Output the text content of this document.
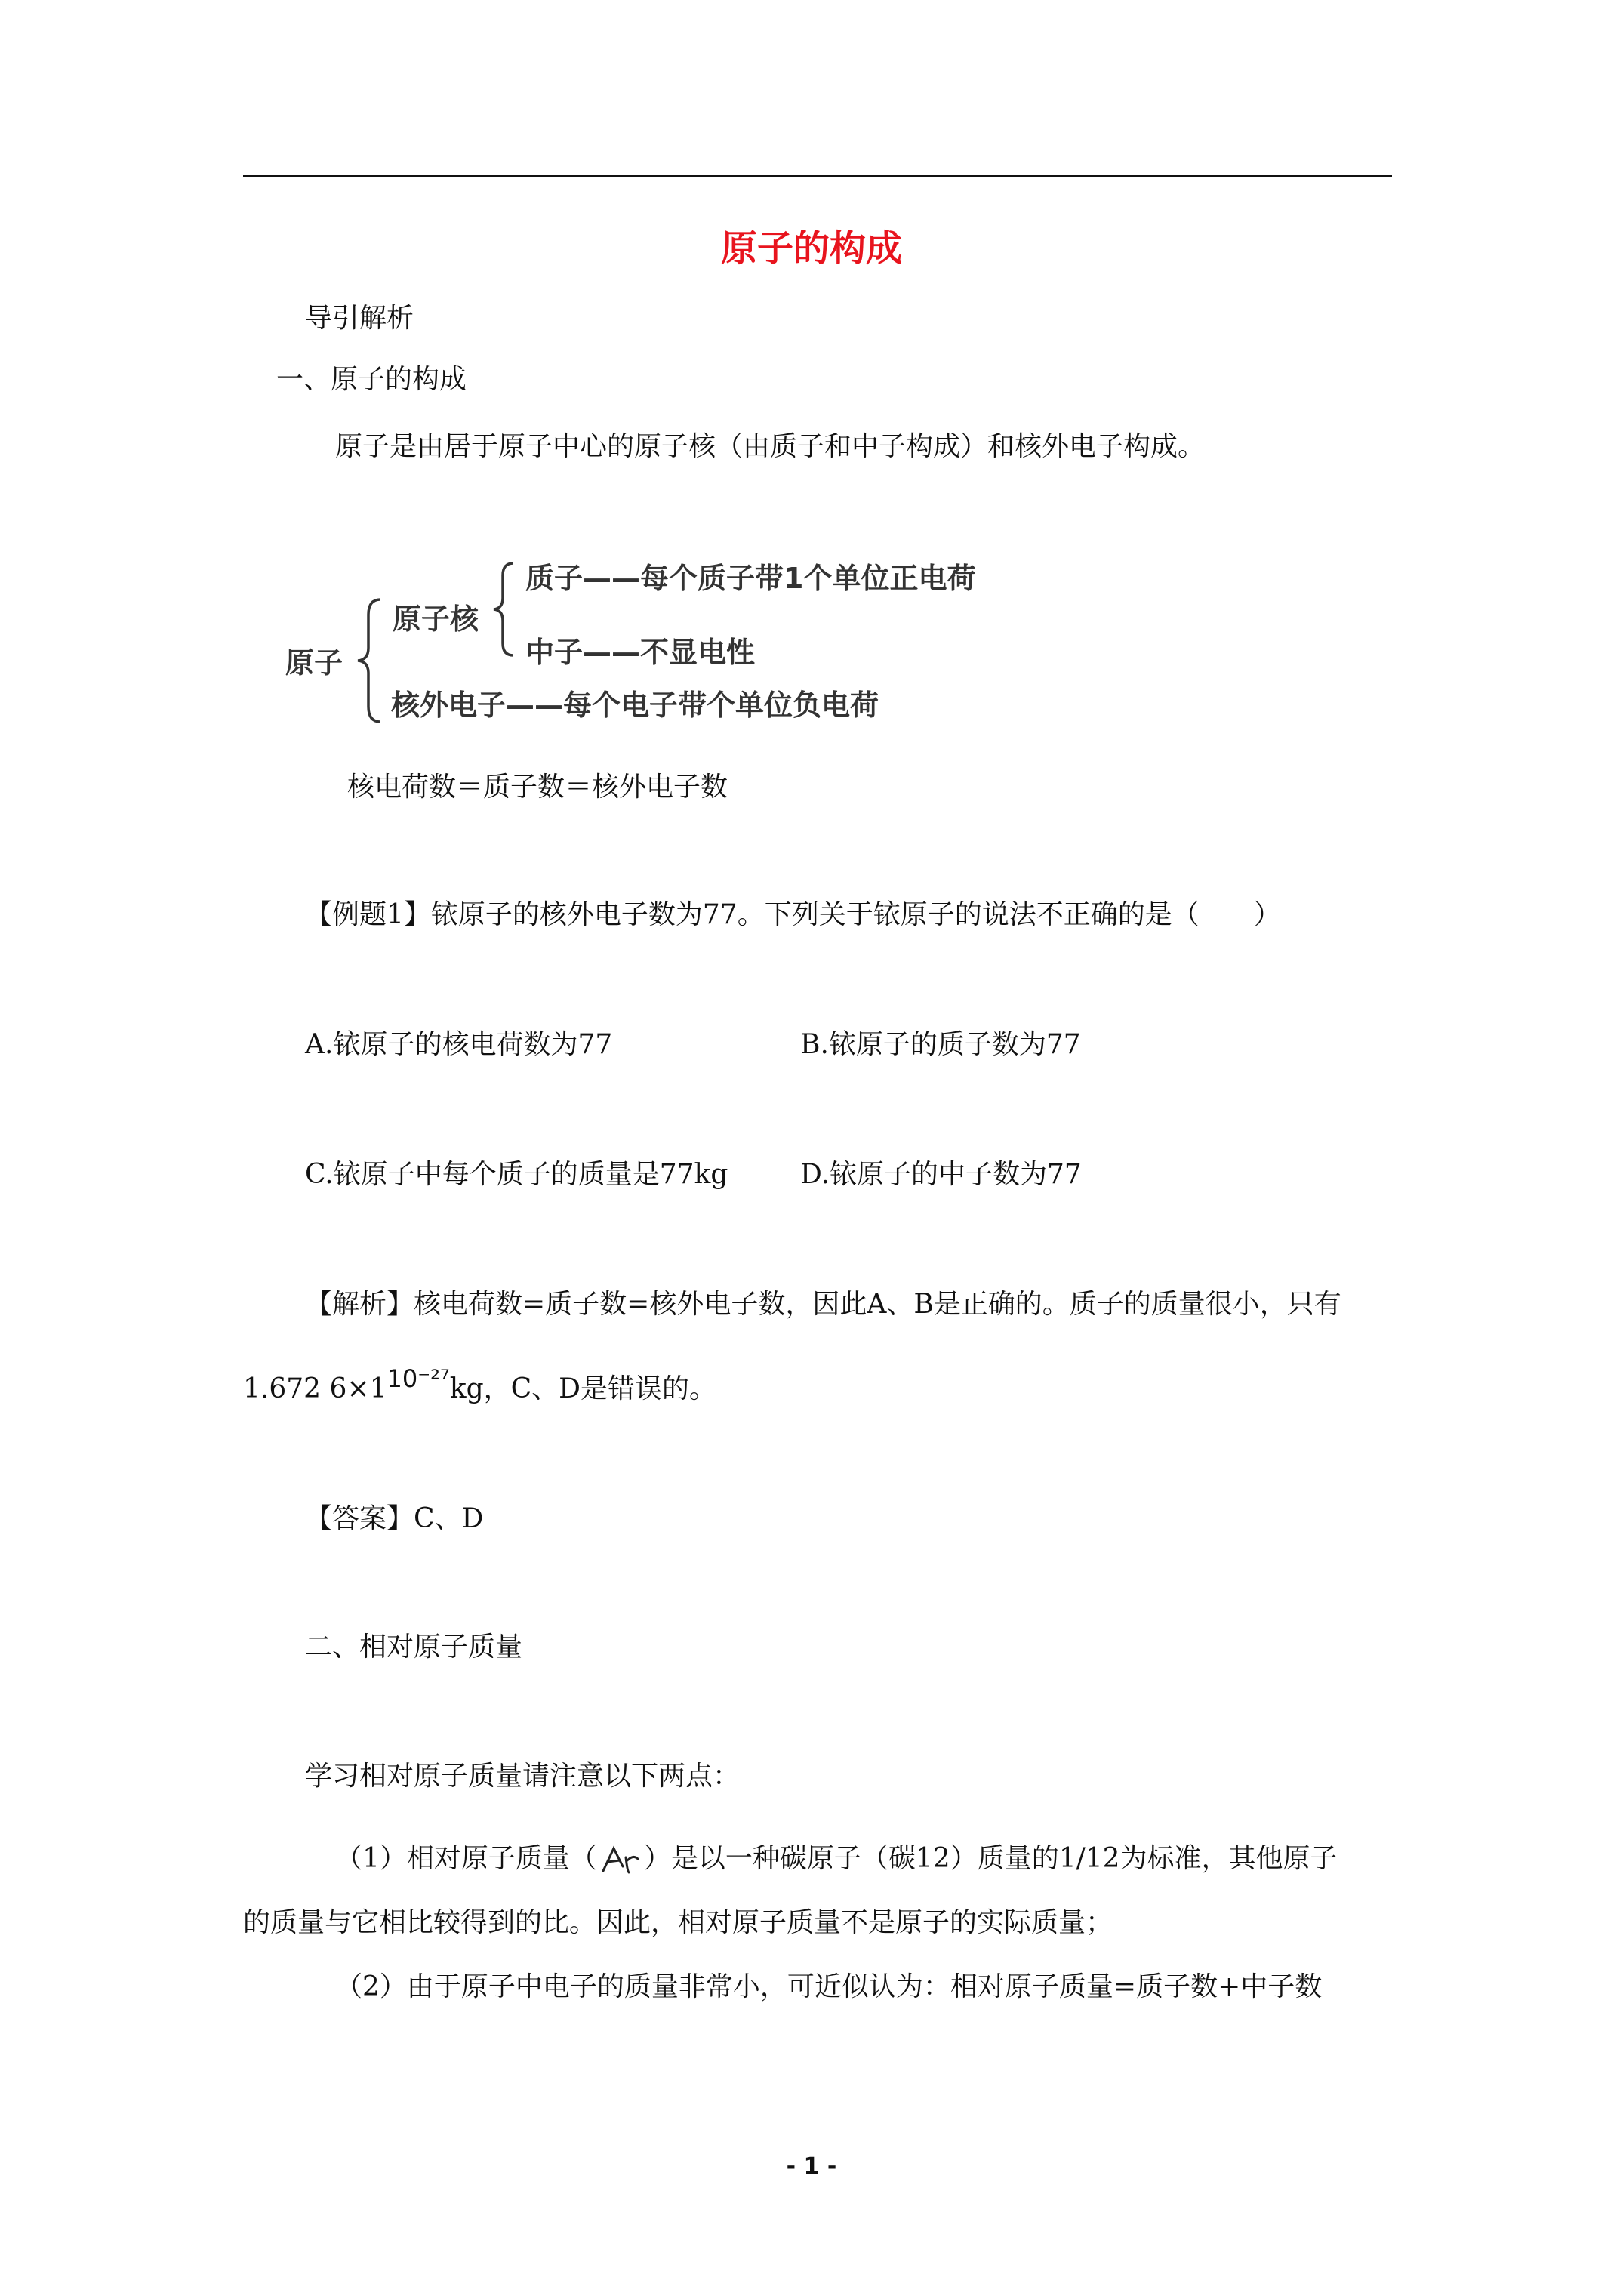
原子的构成
导引解析
一、原子的构成
原子是由居于原子中心的原子核（由质子和中子构成）和核外电子构成。
原子
原子核
质子——每个质子带1个单位正电荷
中子——不显电性
核外电子——每个电子带个单位负电荷
核电荷数＝质子数＝核外电子数
【例题1】铱原子的核外电子数为77。下列关于铱原子的说法不正确的是（　　）
A.铱原子的核电荷数为77	B.铱原子的质子数为77
C.铱原子中每个质子的质量是77kg	D.铱原子的中子数为77
【解析】核电荷数=质子数=核外电子数，因此A、B是正确的。质子的质量很小，只有
1.672 6×110⁻²⁷kg，C、D是错误的。
【答案】C、D
二、相对原子质量
学习相对原子质量请注意以下两点：
（1）相对原子质量（ ）是以一种碳原子（碳12）质量的1/12为标准，其他原子
的质量与它相比较得到的比。因此，相对原子质量不是原子的实际质量；
（2）由于原子中电子的质量非常小，可近似认为：相对原子质量=质子数+中子数
- 1 -
